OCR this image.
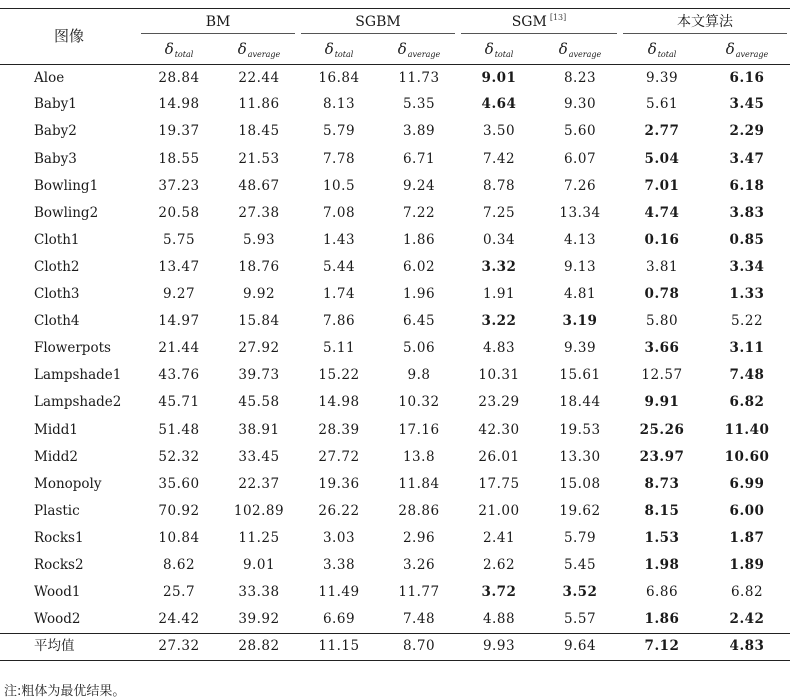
图像	BM		SGBM		SGM [13]		本文算法	
	$\delta_{total}$	$\delta_{average}$	$\delta_{total}$	$\delta_{average}$	$\delta_{total}$	$\delta_{average}$	$\delta_{total}$	$\delta_{average}$
Aloe	28.84	22.44	16.84	11.73	9.01	8.23	9.39	6.16
Baby1	14.98	11.86	8.13	5.35	4.64	9.30	5.61	3.45
Baby2	19.37	18.45	5.79	3.89	3.50	5.60	2.77	2.29
Baby3	18.55	21.53	7.78	6.71	7.42	6.07	5.04	3.47
Bowling1	37.23	48.67	10.5	9.24	8.78	7.26	7.01	6.18
Bowling2	20.58	27.38	7.08	7.22	7.25	13.34	4.74	3.83
Cloth1	5.75	5.93	1.43	1.86	0.34	4.13	0.16	0.85
Cloth2	13.47	18.76	5.44	6.02	3.32	9.13	3.81	3.34
Cloth3	9.27	9.92	1.74	1.96	1.91	4.81	0.78	1.33
Cloth4	14.97	15.84	7.86	6.45	3.22	3.19	5.80	5.22
Flowerpots	21.44	27.92	5.11	5.06	4.83	9.39	3.66	3.11
Lampshade1	43.76	39.73	15.22	9.8	10.31	15.61	12.57	7.48
Lampshade2	45.71	45.58	14.98	10.32	23.29	18.44	9.91	6.82
Midd1	51.48	38.91	28.39	17.16	42.30	19.53	25.26	11.40
Midd2	52.32	33.45	27.72	13.8	26.01	13.30	23.97	10.60
Monopoly	35.60	22.37	19.36	11.84	17.75	15.08	8.73	6.99
Plastic	70.92	102.89	26.22	28.86	21.00	19.62	8.15	6.00
Rocks1	10.84	11.25	3.03	2.96	2.41	5.79	1.53	1.87
Rocks2	8.62	9.01	3.38	3.26	2.62	5.45	1.98	1.89
Wood1	25.7	33.38	11.49	11.77	3.72	3.52	6.86	6.82
Wood2	24.42	39.92	6.69	7.48	4.88	5.57	1.86	2.42
平均值	27.32	28.82	11.15	8.70	9.93	9.64	7.12	4.83
注:粗体为最优结果。
